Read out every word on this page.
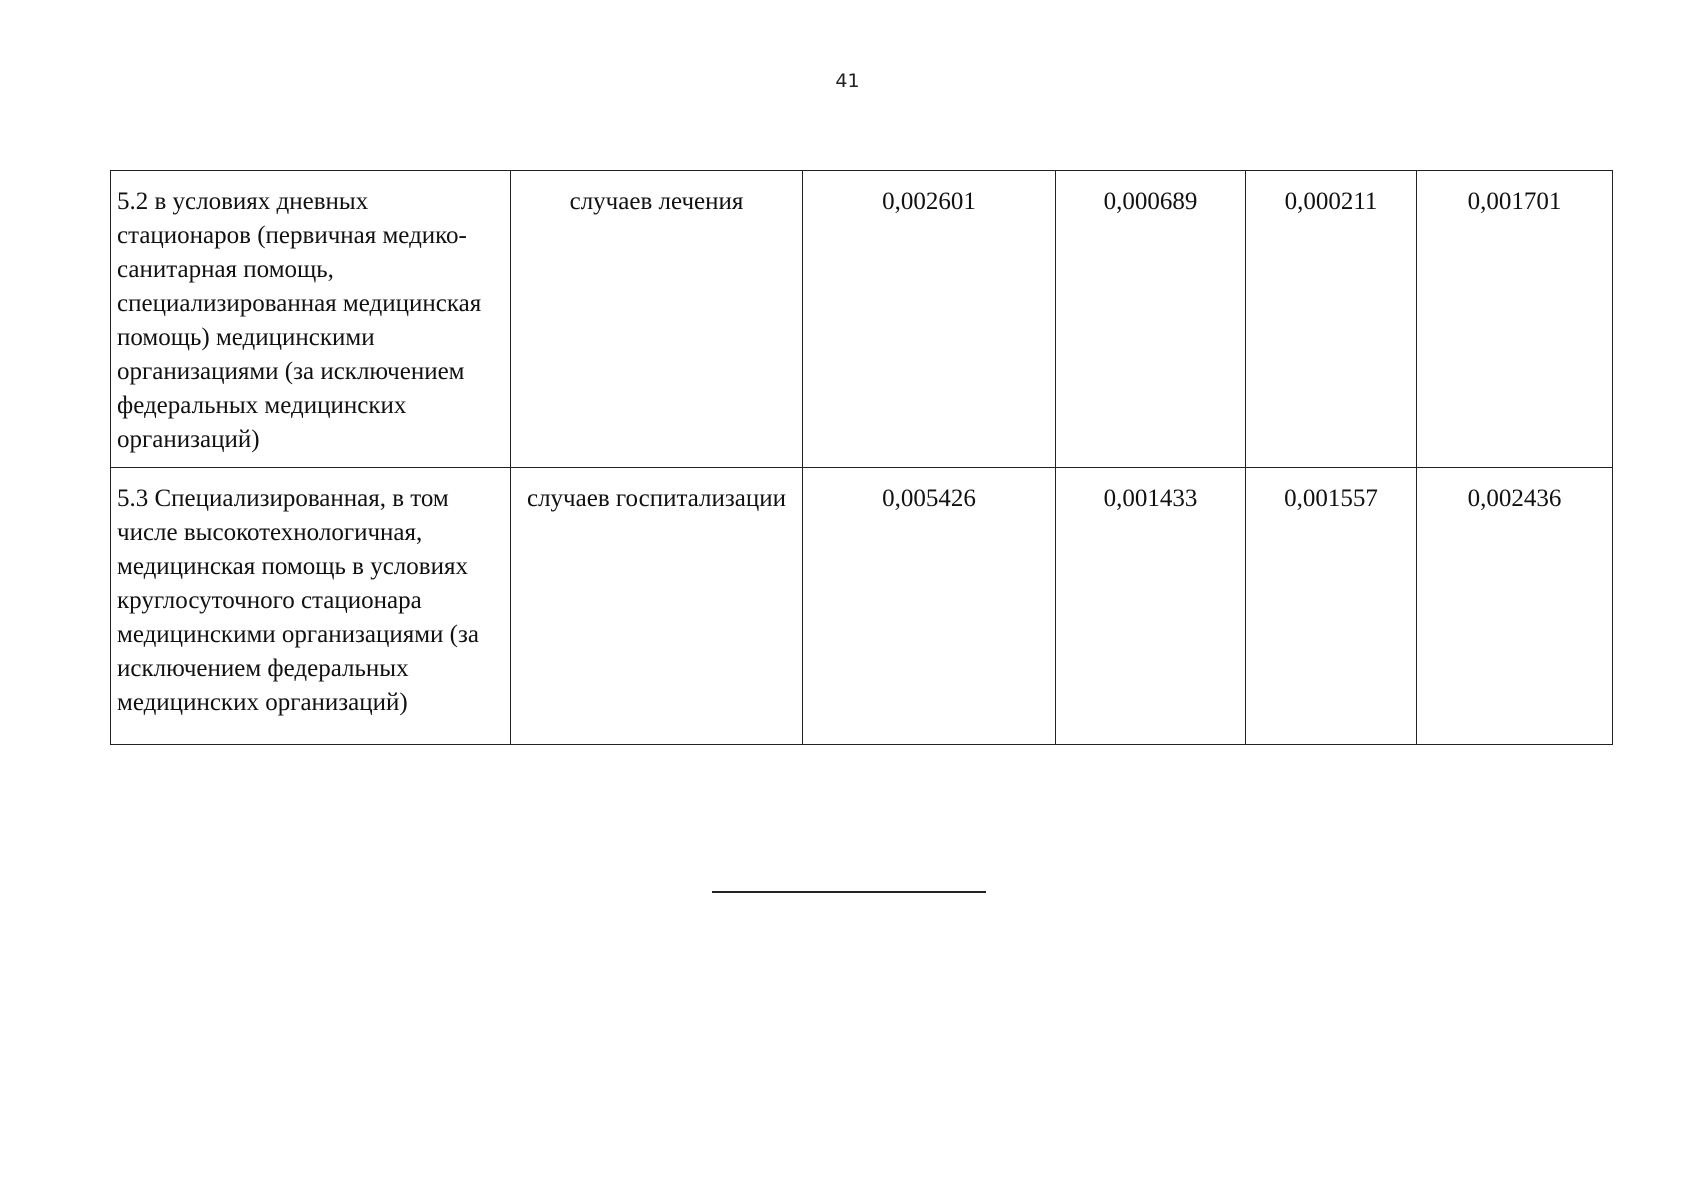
41
5.2 в условиях дневных стационаров (первичная медико-санитарная помощь, специализированная медицинская помощь) медицинскими организациями (за исключением федеральных медицинских организаций)	случаев лечения	0,002601	0,000689	0,000211	0,001701
5.3 Специализированная, в том числе высокотехнологичная, медицинская помощь в условиях круглосуточного стационара медицинскими организациями (за исключением федеральных медицинских организаций)	случаев госпитализации	0,005426	0,001433	0,001557	0,002436
